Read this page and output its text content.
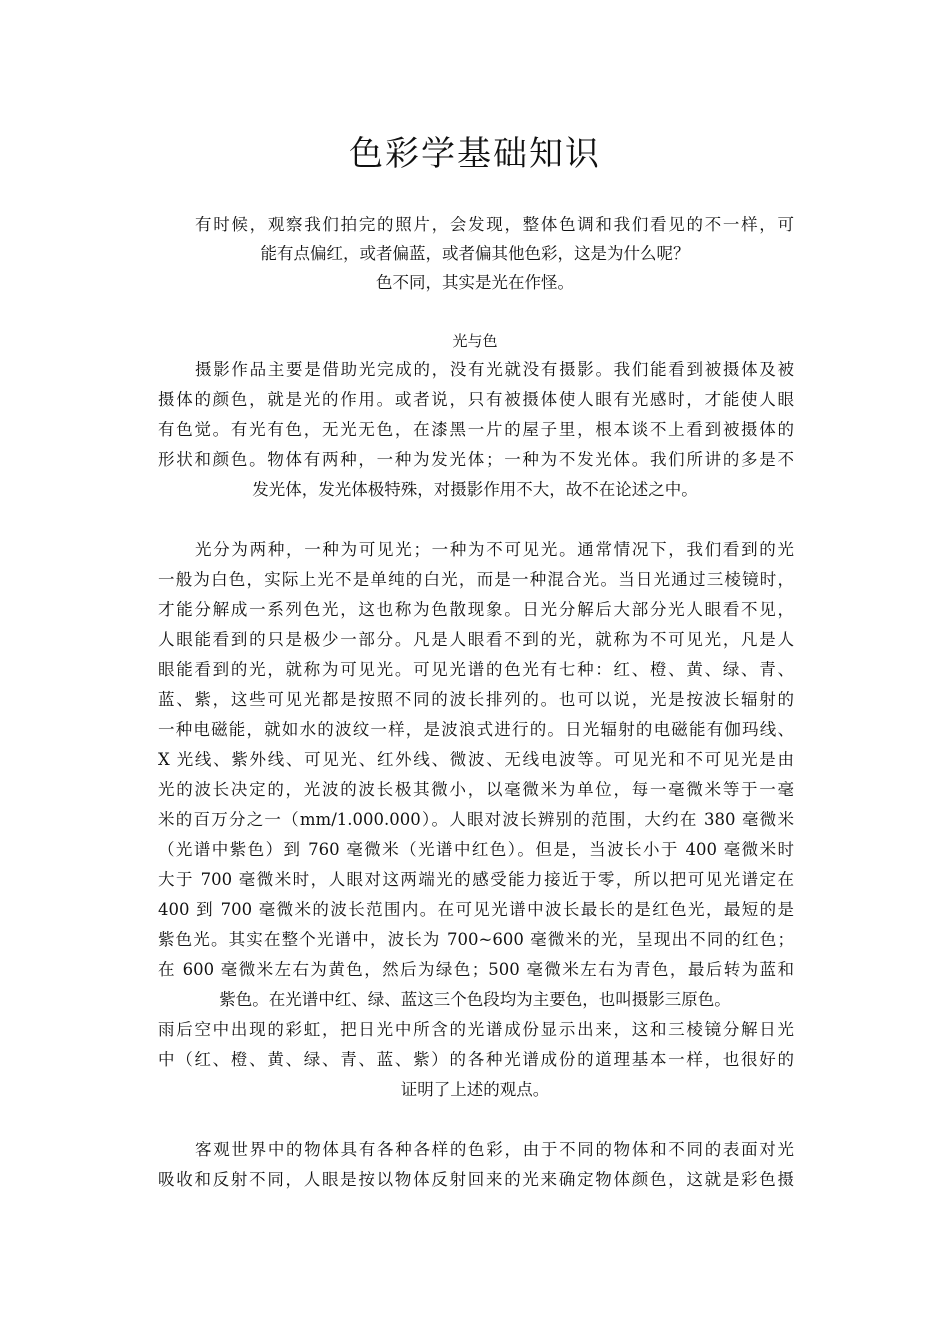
色彩学基础知识
有时候，观察我们拍完的照片，会发现，整体色调和我们看见的不一样，可
能有点偏红，或者偏蓝，或者偏其他色彩，这是为什么呢？
色不同，其实是光在作怪。
光与色
摄影作品主要是借助光完成的，没有光就没有摄影。我们能看到被摄体及被
摄体的颜色，就是光的作用。或者说，只有被摄体使人眼有光感时，才能使人眼
有色觉。有光有色，无光无色，在漆黑一片的屋子里，根本谈不上看到被摄体的
形状和颜色。物体有两种，一种为发光体；一种为不发光体。我们所讲的多是不
发光体，发光体极特殊，对摄影作用不大，故不在论述之中。
光分为两种，一种为可见光；一种为不可见光。通常情况下，我们看到的光
一般为白色，实际上光不是单纯的白光，而是一种混合光。当日光通过三棱镜时，
才能分解成一系列色光，这也称为色散现象。日光分解后大部分光人眼看不见，
人眼能看到的只是极少一部分。凡是人眼看不到的光，就称为不可见光，凡是人
眼能看到的光，就称为可见光。可见光谱的色光有七种：红、橙、黄、绿、青、
蓝、紫，这些可见光都是按照不同的波长排列的。也可以说，光是按波长辐射的
一种电磁能，就如水的波纹一样，是波浪式进行的。日光辐射的电磁能有伽玛线、
X 光线、紫外线、可见光、红外线、微波、无线电波等。可见光和不可见光是由
光的波长决定的，光波的波长极其微小，以毫微米为单位，每一毫微米等于一毫
米的百万分之一（mm/1.000.000）。人眼对波长辨别的范围，大约在 380 毫微米
（光谱中紫色）到 760 毫微米（光谱中红色）。但是，当波长小于 400 毫微米时
大于 700 毫微米时，人眼对这两端光的感受能力接近于零，所以把可见光谱定在
400 到 700 毫微米的波长范围内。在可见光谱中波长最长的是红色光，最短的是
紫色光。其实在整个光谱中，波长为 700~600 毫微米的光，呈现出不同的红色；
在 600 毫微米左右为黄色，然后为绿色；500 毫微米左右为青色，最后转为蓝和
紫色。在光谱中红、绿、蓝这三个色段均为主要色，也叫摄影三原色。
雨后空中出现的彩虹，把日光中所含的光谱成份显示出来，这和三棱镜分解日光
中（红、橙、黄、绿、青、蓝、紫）的各种光谱成份的道理基本一样，也很好的
证明了上述的观点。
客观世界中的物体具有各种各样的色彩，由于不同的物体和不同的表面对光
吸收和反射不同，人眼是按以物体反射回来的光来确定物体颜色，这就是彩色摄
